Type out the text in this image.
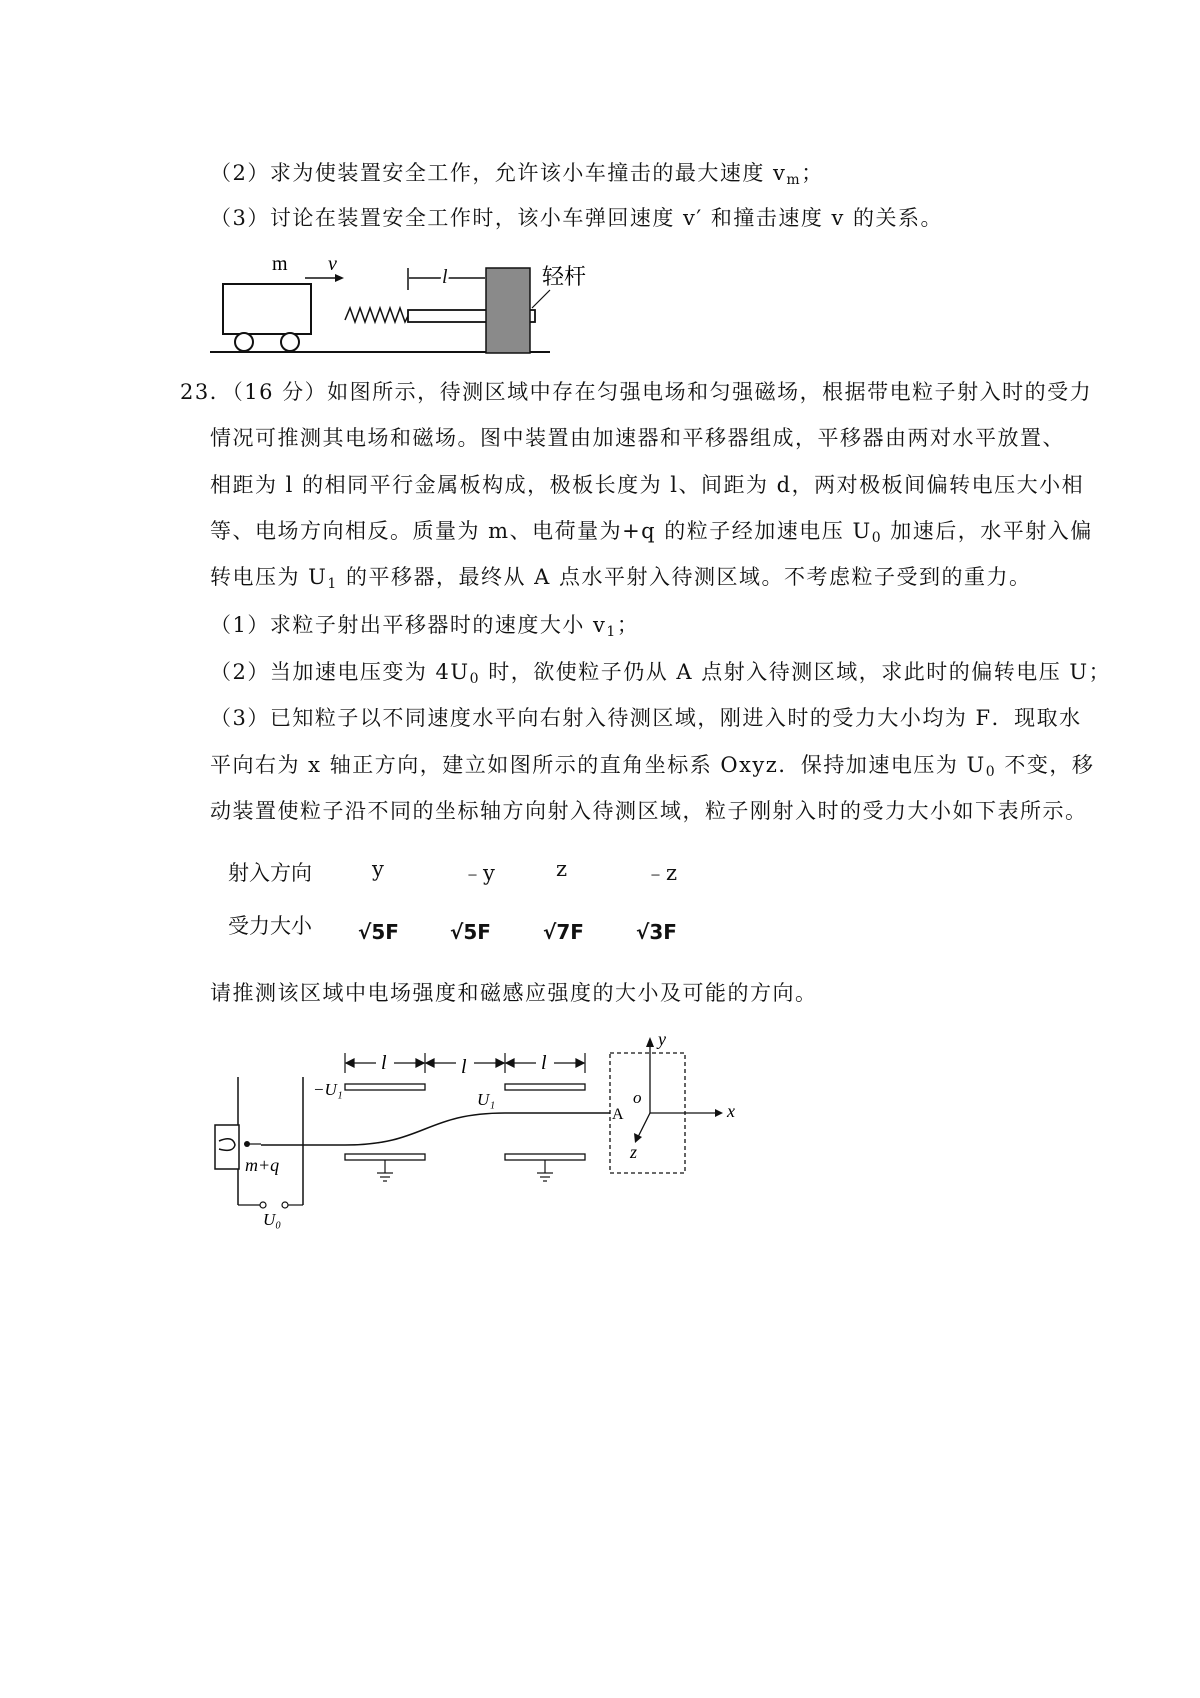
（2）求为使装置安全工作，允许该小车撞击的最大速度 $v_m$；
（3）讨论在装置安全工作时，该小车弹回速度 v′ 和撞击速度 v 的关系。
m v
l	轻杆
23．（16 分）如图所示，待测区域中存在匀强电场和匀强磁场，根据带电粒子射入时的受力
情况可推测其电场和磁场。图中装置由加速器和平移器组成，平移器由两对水平放置、
相距为 l 的相同平行金属板构成，极板长度为 l、间距为 d，两对极板间偏转电压大小相
等、电场方向相反。质量为 m、电荷量为+q 的粒子经加速电压 $U_0$ 加速后，水平射入偏
转电压为 $U_1$ 的平移器，最终从 A 点水平射入待测区域。不考虑粒子受到的重力。
（1）求粒子射出平移器时的速度大小 $v_1$；
（2）当加速电压变为 $4U_0$ 时，欲使粒子仍从 A 点射入待测区域，求此时的偏转电压 U；
（3）已知粒子以不同速度水平向右射入待测区域，刚进入时的受力大小均为 F．现取水
平向右为 x 轴正方向，建立如图所示的直角坐标系 Oxyz．保持加速电压为 $U_0$ 不变，移
动装置使粒子沿不同的坐标轴方向射入待测区域，粒子刚射入时的受力大小如下表所示。
射入方向	y	﹣y	z	﹣z
受力大小 √5F	√5F	√7F	√3F
请推测该区域中电场强度和磁感应强度的大小及可能的方向。
m+q
U₀
−U₁
U₁
l	l	l
A	x
y
z
o
